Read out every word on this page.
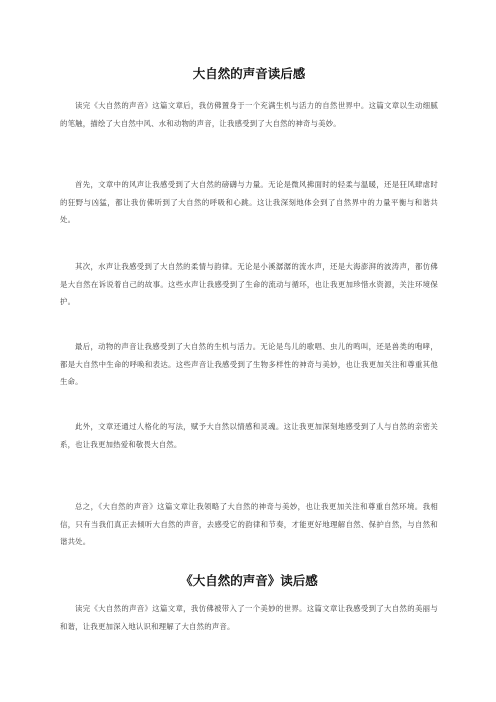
大自然的声音读后感

读完《大自然的声音》这篇文章后，我仿佛置身于一个充满生机与活力的自然世界中。这篇文章以生动细腻的笔触，描绘了大自然中风、水和动物的声音，让我感受到了大自然的神奇与美妙。

首先，文章中的风声让我感受到了大自然的磅礴与力量。无论是微风拂面时的轻柔与温暖，还是狂风肆虐时的狂野与凶猛，都让我仿佛听到了大自然的呼吸和心跳。这让我深刻地体会到了自然界中的力量平衡与和谐共处。

其次，水声让我感受到了大自然的柔情与韵律。无论是小溪潺潺的流水声，还是大海澎湃的波涛声，都仿佛是大自然在诉说着自己的故事。这些水声让我感受到了生命的流动与循环，也让我更加珍惜水资源，关注环境保护。

最后，动物的声音让我感受到了大自然的生机与活力。无论是鸟儿的歌唱、虫儿的鸣叫，还是兽类的咆哮，都是大自然中生命的呼唤和表达。这些声音让我感受到了生物多样性的神奇与美妙，也让我更加关注和尊重其他生命。

此外，文章还通过人格化的写法，赋予大自然以情感和灵魂。这让我更加深刻地感受到了人与自然的亲密关系，也让我更加热爱和敬畏大自然。

总之，《大自然的声音》这篇文章让我领略了大自然的神奇与美妙，也让我更加关注和尊重自然环境。我相信，只有当我们真正去倾听大自然的声音，去感受它的韵律和节奏，才能更好地理解自然、保护自然，与自然和谐共处。

《大自然的声音》读后感

读完《大自然的声音》这篇文章，我仿佛被带入了一个美妙的世界。这篇文章让我感受到了大自然的美丽与和谐，让我更加深入地认识和理解了大自然的声音。
